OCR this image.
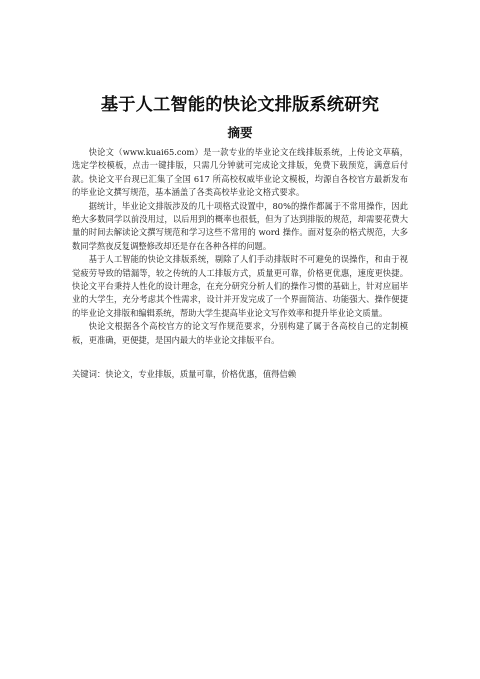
基于人工智能的快论文排版系统研究
摘要

快论文（www.kuai65.com）是一款专业的毕业论文在线排版系统，上传论文草稿，选定学校模板，点击一键排版，只需几分钟就可完成论文排版，免费下载预览，满意后付款。快论文平台现已汇集了全国 617 所高校权威毕业论文模板，均源自各校官方最新发布的毕业论文撰写规范，基本涵盖了各类高校毕业论文格式要求。

据统计，毕业论文排版涉及的几十项格式设置中，80%的操作都属于不常用操作，因此绝大多数同学以前没用过，以后用到的概率也很低，但为了达到排版的规范，却需要花费大量的时间去解读论文撰写规范和学习这些不常用的 word 操作。面对复杂的格式规范，大多数同学熬夜反复调整修改却还是存在各种各样的问题。

基于人工智能的快论文排版系统，剔除了人们手动排版时不可避免的误操作，和由于视觉疲劳导致的错漏等，较之传统的人工排版方式，质量更可靠，价格更优惠，速度更快捷。快论文平台秉持人性化的设计理念，在充分研究分析人们的操作习惯的基础上，针对应届毕业的大学生，充分考虑其个性需求，设计并开发完成了一个界面简洁、功能强大、操作便捷的毕业论文排版和编辑系统，帮助大学生提高毕业论文写作效率和提升毕业论文质量。

快论文根据各个高校官方的论文写作规范要求，分别构建了属于各高校自己的定制模板，更准确，更便捷，是国内最大的毕业论文排版平台。

关键词：快论文，专业排版，质量可靠，价格优惠，值得信赖
